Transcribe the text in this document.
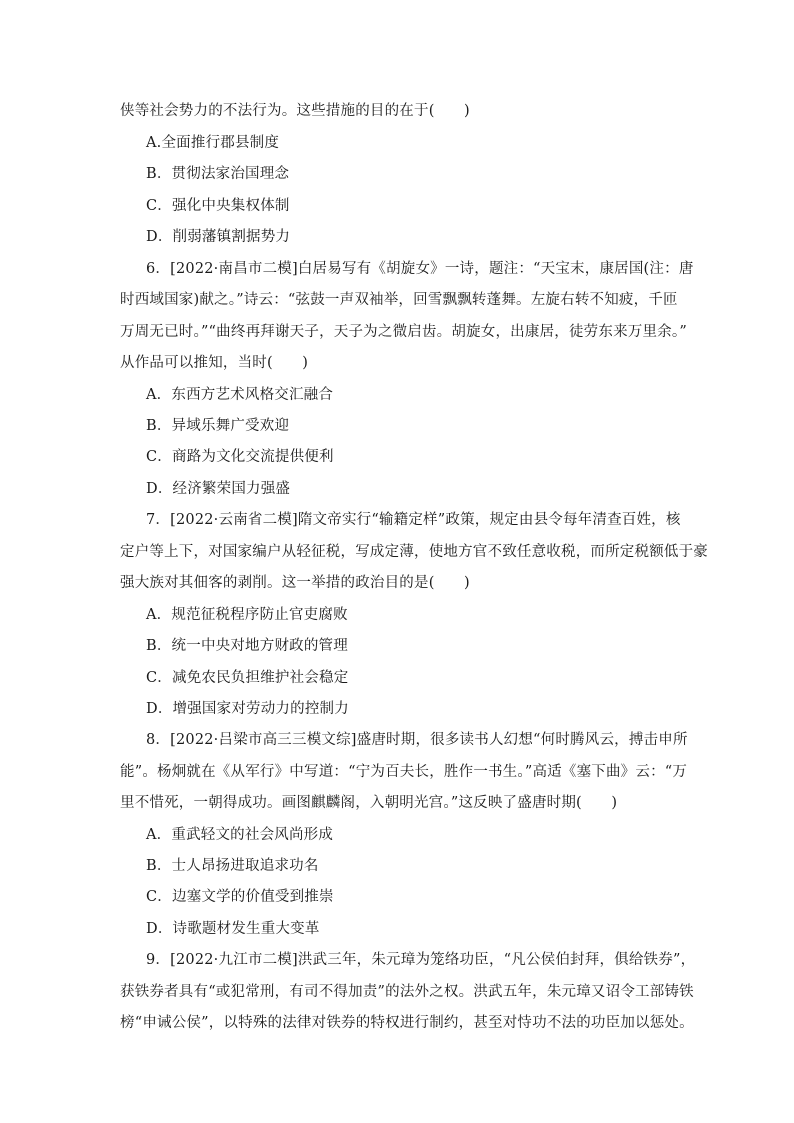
侠等社会势力的不法行为。这些措施的目的在于(　　)
A.全面推行郡县制度
B．贯彻法家治国理念
C．强化中央集权体制
D．削弱藩镇割据势力
6．[2022·南昌市二模]白居易写有《胡旋女》一诗，题注：“天宝末，康居国(注：唐
时西域国家)献之。”诗云：“弦鼓一声双袖举，回雪飘飘转蓬舞。左旋右转不知疲，千匝
万周无已时。”“曲终再拜谢天子，天子为之微启齿。胡旋女，出康居，徒劳东来万里余。”
从作品可以推知，当时(　　)
A．东西方艺术风格交汇融合
B．异域乐舞广受欢迎
C．商路为文化交流提供便利
D．经济繁荣国力强盛
7．[2022·云南省二模]隋文帝实行“输籍定样”政策，规定由县令每年清查百姓，核
定户等上下，对国家编户从轻征税，写成定薄，使地方官不致任意收税，而所定税额低于豪
强大族对其佃客的剥削。这一举措的政治目的是(　　)
A．规范征税程序防止官吏腐败
B．统一中央对地方财政的管理
C．减免农民负担维护社会稳定
D．增强国家对劳动力的控制力
8．[2022·吕梁市高三三模文综]盛唐时期，很多读书人幻想“何时腾风云，搏击申所
能”。杨炯就在《从军行》中写道：“宁为百夫长，胜作一书生。”高适《塞下曲》云：“万
里不惜死，一朝得成功。画图麒麟阁，入朝明光宫。”这反映了盛唐时期(　　)
A．重武轻文的社会风尚形成
B．士人昂扬进取追求功名
C．边塞文学的价值受到推崇
D．诗歌题材发生重大变革
9．[2022·九江市二模]洪武三年，朱元璋为笼络功臣，“凡公侯伯封拜，俱给铁券”，
获铁券者具有“或犯常刑，有司不得加责”的法外之权。洪武五年，朱元璋又诏令工部铸铁
榜“申诫公侯”，以特殊的法律对铁券的特权进行制约，甚至对恃功不法的功臣加以惩处。
